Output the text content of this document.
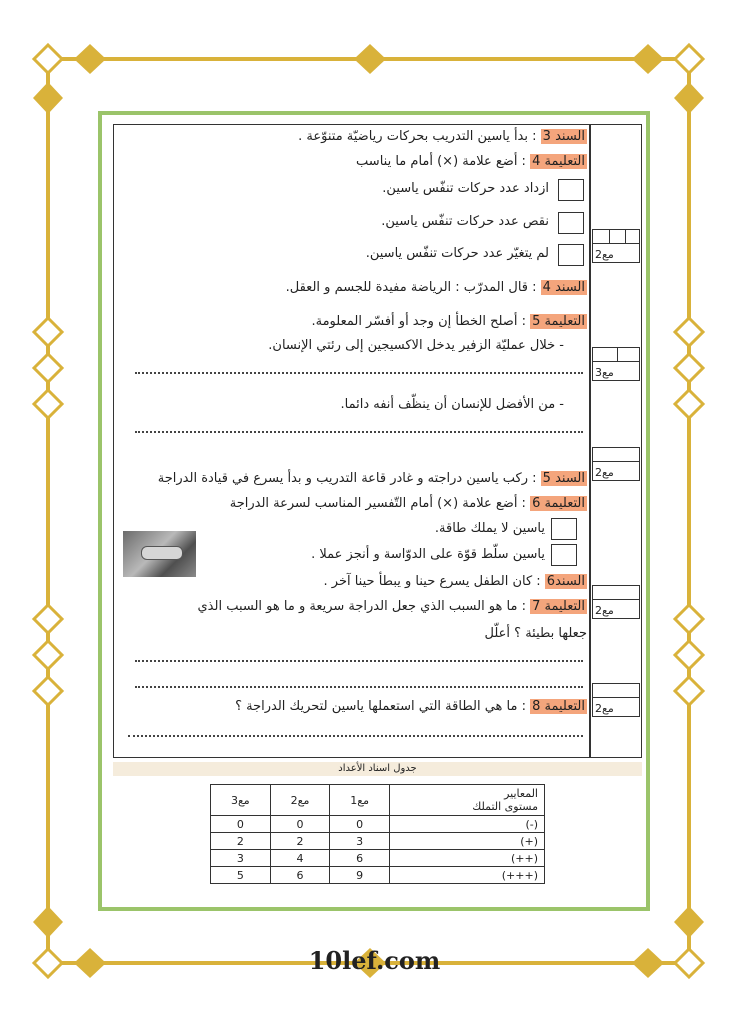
السند 3 : بدأ ياسين التدريب بحركات رياضيّة متنوّعة .
التعليمة 4 : أضع علامة (×) أمام ما يناسب
ازداد عدد حركات تنفّس ياسين.
نقص عدد حركات تنفّس ياسين.
لم يتغيّر عدد حركات تنفّس ياسين.
السند 4 : قال المدرّب : الرياضة مفيدة للجسم و العقل.
التعليمة 5 : أصلح الخطأ إن وجد أو أفسّر المعلومة.
- خلال عمليّة الزفير يدخل الاكسيجين إلى رئتي الإنسان.
- من الأفضل للإنسان أن ينظّف أنفه دائما.
السند 5 : ركب ياسين دراجته و غادر قاعة التدريب و بدأ يسرع في قيادة الدراجة
التعليمة 6 : أضع علامة (×) أمام التّفسير المناسب لسرعة الدراجة
ياسين لا يملك طاقة.
ياسين سلّط قوّة على الدوّاسة و أنجز عملا .
السند6 : كان الطفل يسرع حينا و يبطأ حينا آخر .
التعليمة 7 : ما هو السبب الذي جعل الدراجة سريعة و ما هو السبب الذي
جعلها بطيئة ؟ أعلّل
التعليمة 8 : ما هي الطاقة التي استعملها ياسين لتحريك الدراجة ؟
مع2
مع3
مع2
مع2
مع2
جدول اسناد الأعداد
مع3	مع2	مع1	المعايير
مستوى التملك
0	0	0	(-)
2	2	3	(+)
3	4	6	(++)
5	6	9	(+++)
10lef.com
